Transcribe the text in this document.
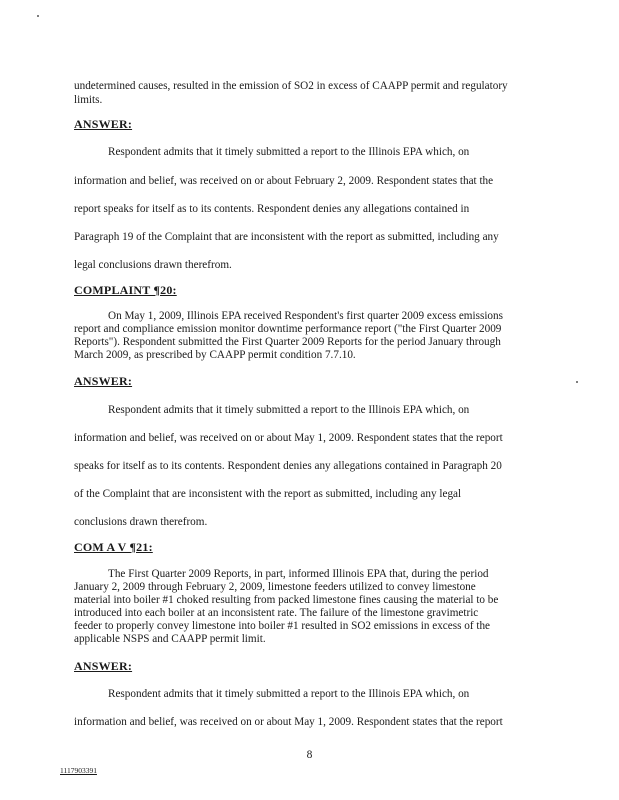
undetermined causes, resulted in the emission of SO2 in excess of CAAPP permit and regulatory
limits.
ANSWER:
Respondent admits that it timely submitted a report to the Illinois EPA which, on
information and belief, was received on or about February 2, 2009. Respondent states that the
report speaks for itself as to its contents. Respondent denies any allegations contained in
Paragraph 19 of the Complaint that are inconsistent with the report as submitted, including any
legal conclusions drawn therefrom.
COMPLAINT ¶20:
On May 1, 2009, Illinois EPA received Respondent's first quarter 2009 excess emissions
report and compliance emission monitor downtime performance report ("the First Quarter 2009
Reports"). Respondent submitted the First Quarter 2009 Reports for the period January through
March 2009, as prescribed by CAAPP permit condition 7.7.10.
ANSWER:
Respondent admits that it timely submitted a report to the Illinois EPA which, on
information and belief, was received on or about May 1, 2009. Respondent states that the report
speaks for itself as to its contents. Respondent denies any allegations contained in Paragraph 20
of the Complaint that are inconsistent with the report as submitted, including any legal
conclusions drawn therefrom.
COM A V ¶21:
The First Quarter 2009 Reports, in part, informed Illinois EPA that, during the period
January 2, 2009 through February 2, 2009, limestone feeders utilized to convey limestone
material into boiler #1 choked resulting from packed limestone fines causing the material to be
introduced into each boiler at an inconsistent rate. The failure of the limestone gravimetric
feeder to properly convey limestone into boiler #1 resulted in SO2 emissions in excess of the
applicable NSPS and CAAPP permit limit.
ANSWER:
Respondent admits that it timely submitted a report to the Illinois EPA which, on
information and belief, was received on or about May 1, 2009. Respondent states that the report
8
1117903391
